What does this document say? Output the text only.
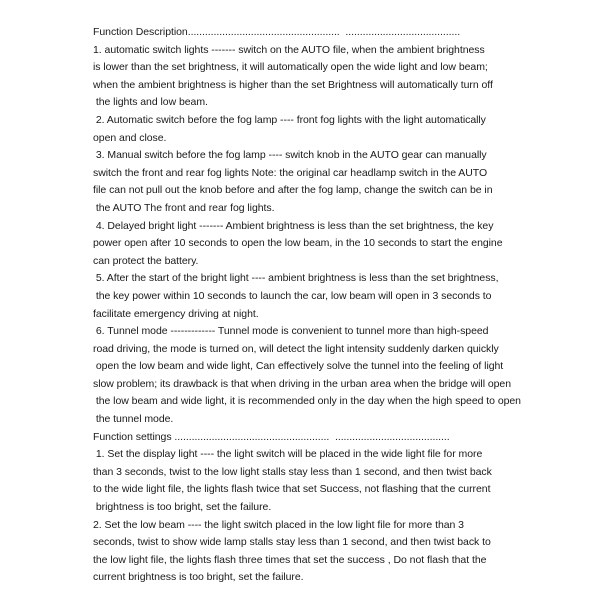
Function Description.....................................................  ........................................
1. automatic switch lights ------- switch on the AUTO file, when the ambient brightness
is lower than the set brightness, it will automatically open the wide light and low beam;
when the ambient brightness is higher than the set Brightness will automatically turn off
the lights and low beam.
2. Automatic switch before the fog lamp ---- front fog lights with the light automatically
open and close.
3. Manual switch before the fog lamp ---- switch knob in the AUTO gear can manually
switch the front and rear fog lights Note: the original car headlamp switch in the AUTO
file can not pull out the knob before and after the fog lamp, change the switch can be in
the AUTO The front and rear fog lights.
4. Delayed bright light ------- Ambient brightness is less than the set brightness, the key
power open after 10 seconds to open the low beam, in the 10 seconds to start the engine
can protect the battery.
5. After the start of the bright light ---- ambient brightness is less than the set brightness,
the key power within 10 seconds to launch the car, low beam will open in 3 seconds to
facilitate emergency driving at night.
6. Tunnel mode ------------- Tunnel mode is convenient to tunnel more than high-speed
road driving, the mode is turned on, will detect the light intensity suddenly darken quickly
open the low beam and wide light, Can effectively solve the tunnel into the feeling of light
slow problem; its drawback is that when driving in the urban area when the bridge will open
the low beam and wide light, it is recommended only in the day when the high speed to open
the tunnel mode.
Function settings ......................................................  ........................................
1. Set the display light ---- the light switch will be placed in the wide light file for more
than 3 seconds, twist to the low light stalls stay less than 1 second, and then twist back
to the wide light file, the lights flash twice that set Success, not flashing that the current
brightness is too bright, set the failure.
2. Set the low beam ---- the light switch placed in the low light file for more than 3
seconds, twist to show wide lamp stalls stay less than 1 second, and then twist back to
the low light file, the lights flash three times that set the success , Do not flash that the
current brightness is too bright, set the failure.
